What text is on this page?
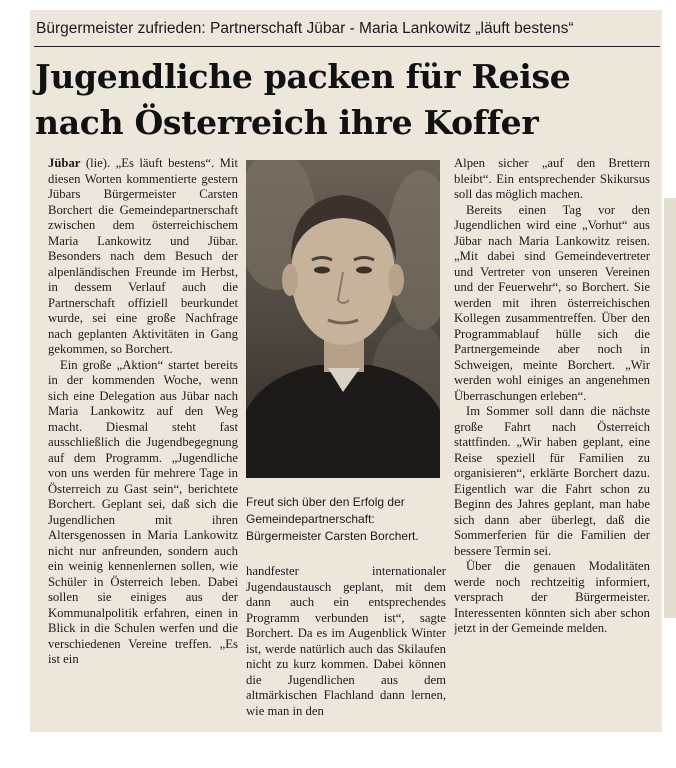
Bürgermeister zufrieden: Partnerschaft Jübar - Maria Lankowitz „läuft bestens“
Jugendliche packen für Reise
nach Österreich ihre Koffer

Jübar (lie). „Es läuft bestens“. Mit diesen Worten kommentierte gestern Jübars Bürgermeister Carsten Borchert die Gemeindepartnerschaft zwischen dem österreichischem Maria Lankowitz und Jübar. Besonders nach dem Besuch der alpenländischen Freunde im Herbst, in dessem Verlauf auch die Partnerschaft offiziell beurkundet wurde, sei eine große Nachfrage nach geplanten Aktivitäten in Gang gekommen, so Borchert.

Ein große „Aktion“ startet bereits in der kommenden Woche, wenn sich eine Delegation aus Jübar nach Maria Lankowitz auf den Weg macht. Diesmal steht fast ausschließlich die Jugendbegegnung auf dem Programm. „Jugendliche von uns werden für mehrere Tage in Österreich zu Gast sein“, berichtete Borchert. Geplant sei, daß sich die Jugendlichen mit ihren Altersgenossen in Maria Lankowitz nicht nur anfreunden, sondern auch ein weinig kennenlernen sollen, wie Schüler in Österreich leben. Dabei sollen sie einiges aus der Kommunalpolitik erfahren, einen in Blick in die Schulen werfen und die verschiedenen Vereine treffen. „Es ist ein

Freut sich über den Erfolg der Gemeindepartnerschaft: Bürgermeister Carsten Borchert.

handfester internationaler Jugendaustausch geplant, mit dem dann auch ein entsprechendes Programm verbunden ist“, sagte Borchert. Da es im Augenblick Winter ist, werde natürlich auch das Skilaufen nicht zu kurz kommen. Dabei können die Jugendlichen aus dem altmärkischen Flachland dann lernen, wie man in den

Alpen sicher „auf den Brettern bleibt“. Ein entsprechender Skikursus soll das möglich machen.

Bereits einen Tag vor den Jugendlichen wird eine „Vorhut“ aus Jübar nach Maria Lankowitz reisen. „Mit dabei sind Gemeindevertreter und Vertreter von unseren Vereinen und der Feuerwehr“, so Borchert. Sie werden mit ihren österreichischen Kollegen zusammentreffen. Über den Programmablauf hülle sich die Partnergemeinde aber noch in Schweigen, meinte Borchert. „Wir werden wohl einiges an angenehmen Überraschungen erleben“.

Im Sommer soll dann die nächste große Fahrt nach Österreich stattfinden. „Wir haben geplant, eine Reise speziell für Familien zu organisieren“, erklärte Borchert dazu. Eigentlich war die Fahrt schon zu Beginn des Jahres geplant, man habe sich dann aber überlegt, daß die Sommerferien für die Familien der bessere Termin sei.

Über die genauen Modalitäten werde noch rechtzeitig informiert, versprach der Bürgermeister. Interessenten könnten sich aber schon jetzt in der Gemeinde melden.
